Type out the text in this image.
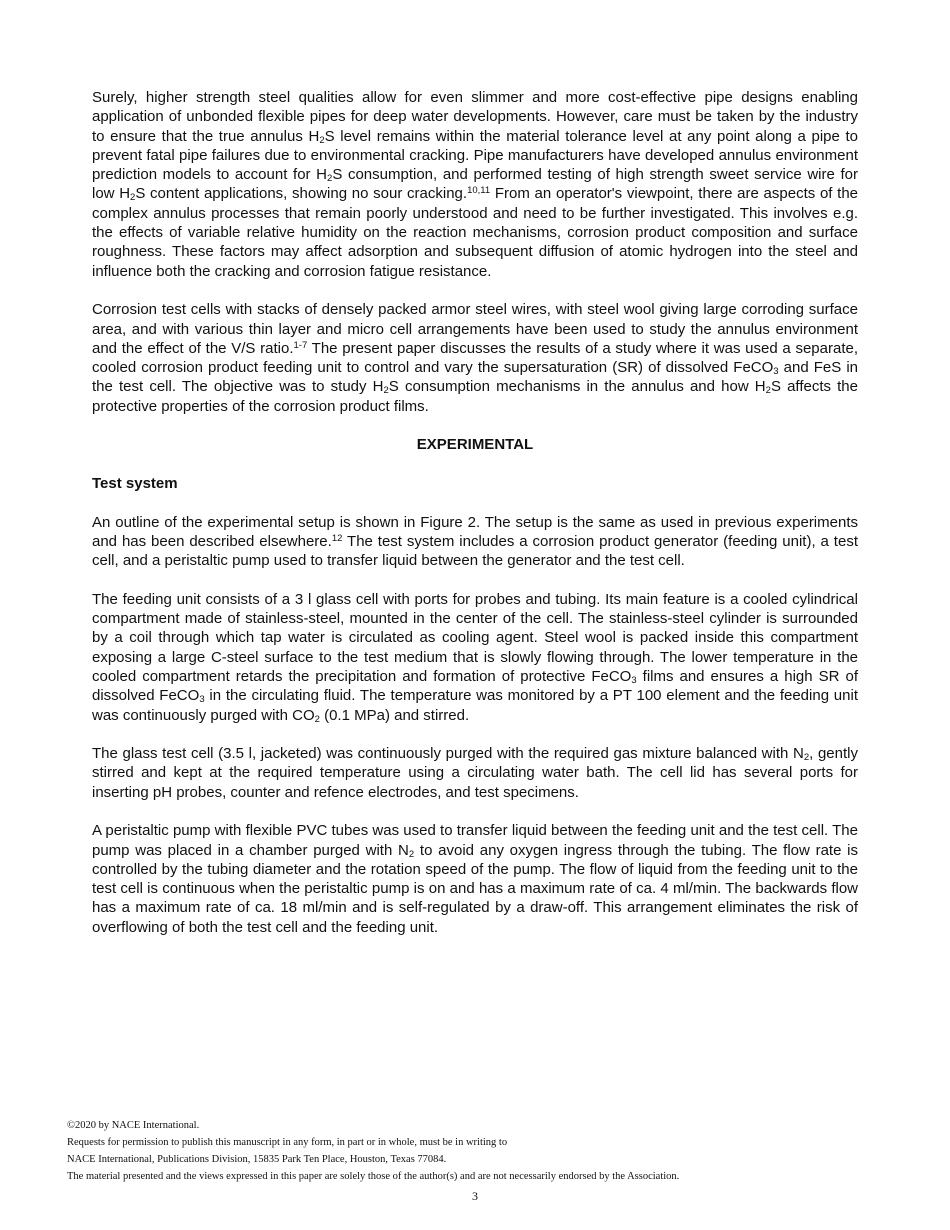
Surely, higher strength steel qualities allow for even slimmer and more cost-effective pipe designs enabling application of unbonded flexible pipes for deep water developments. However, care must be taken by the industry to ensure that the true annulus $H_2S$ level remains within the material tolerance level at any point along a pipe to prevent fatal pipe failures due to environmental cracking. Pipe manufacturers have developed annulus environment prediction models to account for $H_2S$ consumption, and performed testing of high strength sweet service wire for low $H_2S$ content applications, showing no sour cracking.$^{10,11}$ From an operator's viewpoint, there are aspects of the complex annulus processes that remain poorly understood and need to be further investigated. This involves e.g. the effects of variable relative humidity on the reaction mechanisms, corrosion product composition and surface roughness. These factors may affect adsorption and subsequent diffusion of atomic hydrogen into the steel and influence both the cracking and corrosion fatigue resistance.

Corrosion test cells with stacks of densely packed armor steel wires, with steel wool giving large corroding surface area, and with various thin layer and micro cell arrangements have been used to study the annulus environment and the effect of the V/S ratio.$^{1-7}$ The present paper discusses the results of a study where it was used a separate, cooled corrosion product feeding unit to control and vary the supersaturation (SR) of dissolved FeCO$_3$ and FeS in the test cell. The objective was to study $H_2S$ consumption mechanisms in the annulus and how $H_2S$ affects the protective properties of the corrosion product films.

EXPERIMENTAL
Test system

An outline of the experimental setup is shown in Figure 2. The setup is the same as used in previous experiments and has been described elsewhere.$^{12}$ The test system includes a corrosion product generator (feeding unit), a test cell, and a peristaltic pump used to transfer liquid between the generator and the test cell.

The feeding unit consists of a 3 l glass cell with ports for probes and tubing. Its main feature is a cooled cylindrical compartment made of stainless-steel, mounted in the center of the cell. The stainless-steel cylinder is surrounded by a coil through which tap water is circulated as cooling agent. Steel wool is packed inside this compartment exposing a large C-steel surface to the test medium that is slowly flowing through. The lower temperature in the cooled compartment retards the precipitation and formation of protective FeCO$_3$ films and ensures a high SR of dissolved FeCO$_3$ in the circulating fluid. The temperature was monitored by a PT 100 element and the feeding unit was continuously purged with $CO_2$ (0.1 MPa) and stirred.

The glass test cell (3.5 l, jacketed) was continuously purged with the required gas mixture balanced with $N_2$, gently stirred and kept at the required temperature using a circulating water bath. The cell lid has several ports for inserting pH probes, counter and refence electrodes, and test specimens.

A peristaltic pump with flexible PVC tubes was used to transfer liquid between the feeding unit and the test cell. The pump was placed in a chamber purged with $N_2$ to avoid any oxygen ingress through the tubing. The flow rate is controlled by the tubing diameter and the rotation speed of the pump. The flow of liquid from the feeding unit to the test cell is continuous when the peristaltic pump is on and has a maximum rate of ca. 4 ml/min. The backwards flow has a maximum rate of ca. 18 ml/min and is self-regulated by a draw-off. This arrangement eliminates the risk of overflowing of both the test cell and the feeding unit.

©2020 by NACE International.
Requests for permission to publish this manuscript in any form, in part or in whole, must be in writing to
NACE International, Publications Division, 15835 Park Ten Place, Houston, Texas 77084.
The material presented and the views expressed in this paper are solely those of the author(s) and are not necessarily endorsed by the Association.
3
